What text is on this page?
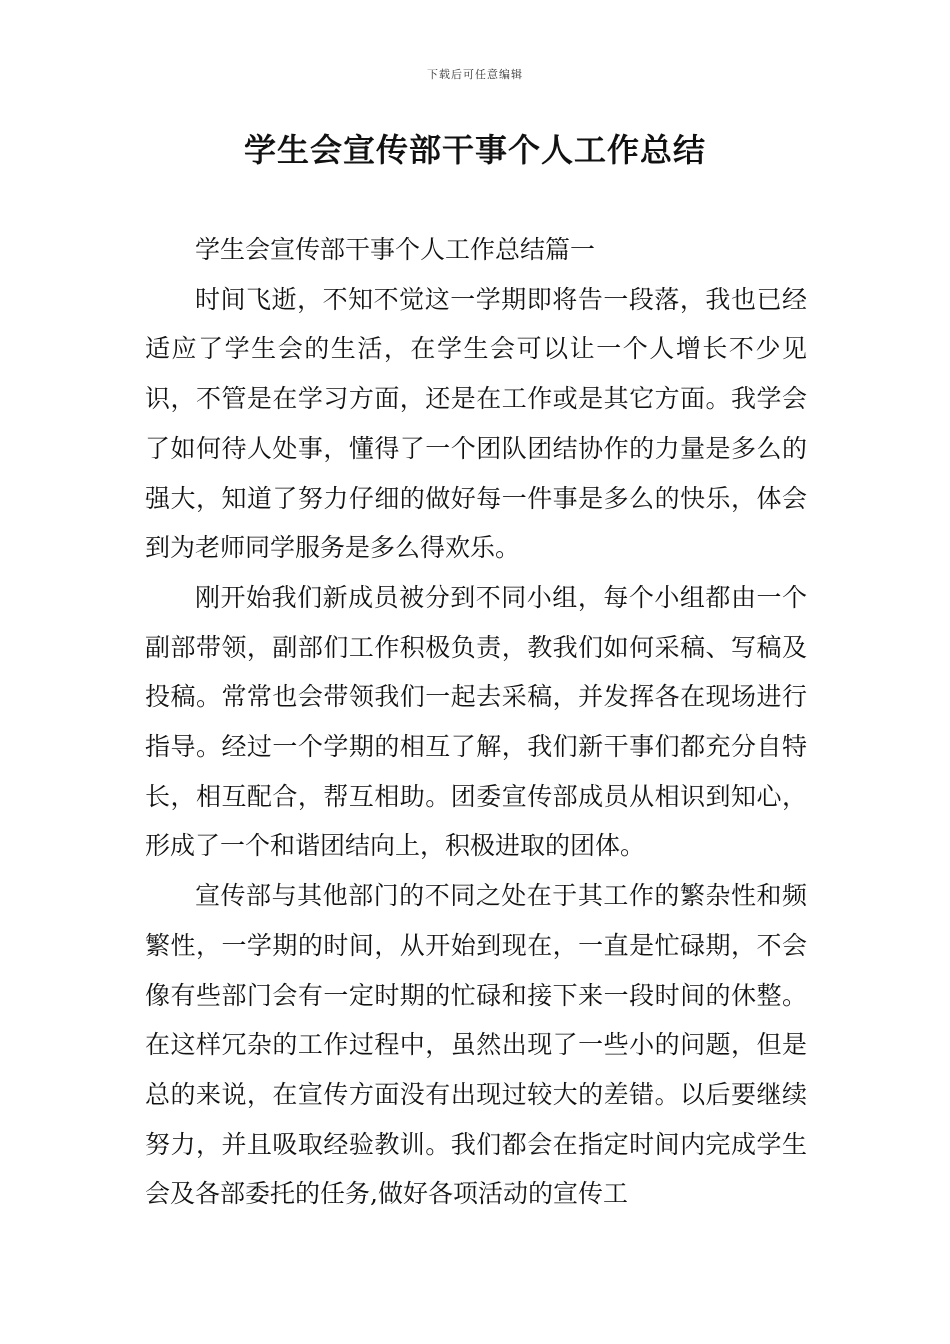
下载后可任意编辑
学生会宣传部干事个人工作总结

学生会宣传部干事个人工作总结篇一

时间飞逝，不知不觉这一学期即将告一段落，我也已经适应了学生会的生活，在学生会可以让一个人增长不少见识，不管是在学习方面，还是在工作或是其它方面。我学会了如何待人处事，懂得了一个团队团结协作的力量是多么的强大，知道了努力仔细的做好每一件事是多么的快乐，体会到为老师同学服务是多么得欢乐。

刚开始我们新成员被分到不同小组，每个小组都由一个副部带领，副部们工作积极负责，教我们如何采稿、写稿及投稿。常常也会带领我们一起去采稿，并发挥各在现场进行指导。经过一个学期的相互了解，我们新干事们都充分自特长，相互配合，帮互相助。团委宣传部成员从相识到知心，形成了一个和谐团结向上，积极进取的团体。

宣传部与其他部门的不同之处在于其工作的繁杂性和频繁性，一学期的时间，从开始到现在，一直是忙碌期，不会像有些部门会有一定时期的忙碌和接下来一段时间的休整。在这样冗杂的工作过程中，虽然出现了一些小的问题，但是总的来说，在宣传方面没有出现过较大的差错。以后要继续努力，并且吸取经验教训。我们都会在指定时间内完成学生会及各部委托的任务,做好各项活动的宣传工
